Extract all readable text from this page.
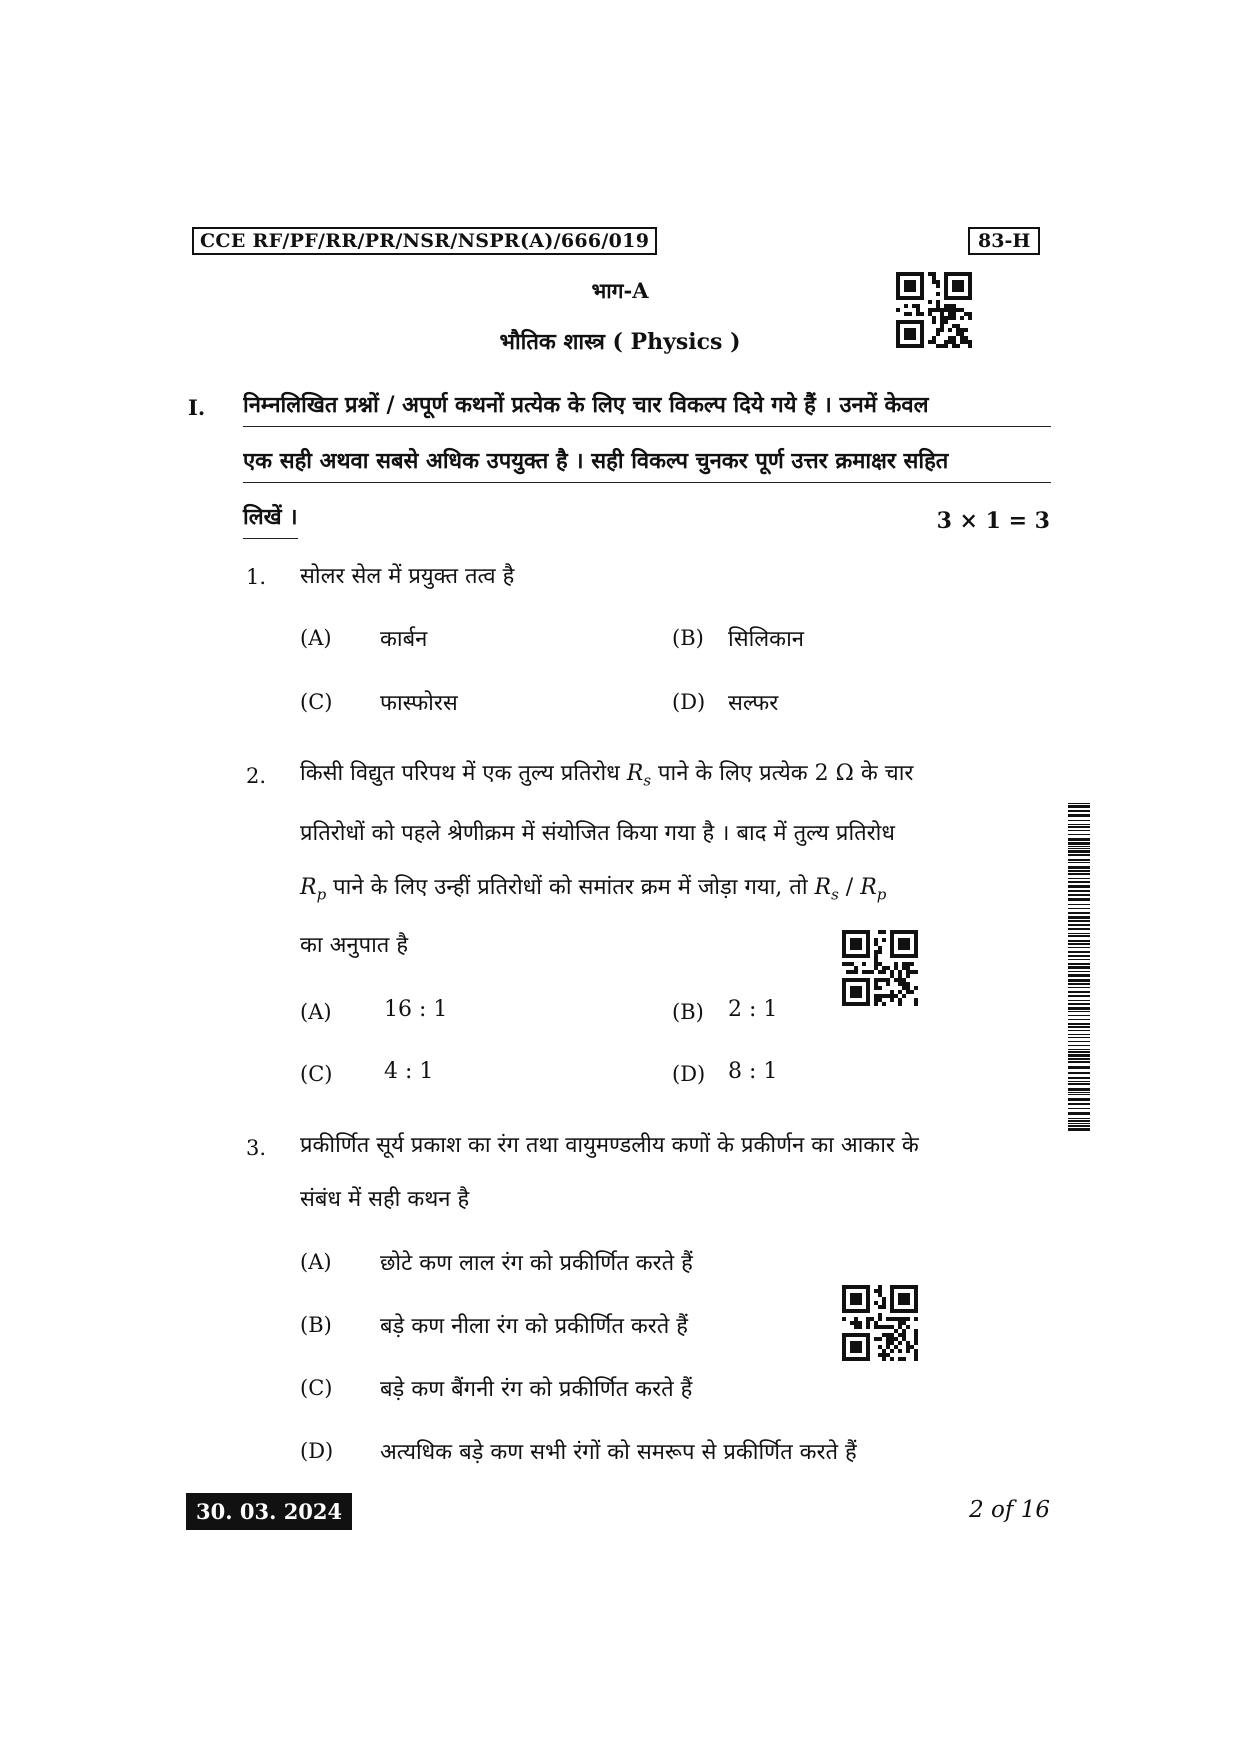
CCE RF/PF/RR/PR/NSR/NSPR(A)/666/019	83-H
भाग-A
भौतिक शास्त्र ( Physics )
I. निम्नलिखित प्रश्नों / अपूर्ण कथनों प्रत्येक के लिए चार विकल्प दिये गये हैं । उनमें केवल
एक सही अथवा सबसे अधिक उपयुक्त है । सही विकल्प चुनकर पूर्ण उत्तर क्रमाक्षर सहित
लिखें ।	3 × 1 = 3
1. सोलर सेल में प्रयुक्त तत्व है
(A) कार्बन	(B) सिलिकान
(C) फास्फोरस	(D) सल्फर
2. किसी विद्युत परिपथ में एक तुल्य प्रतिरोध $R_s$ पाने के लिए प्रत्येक 2 Ω के चार
प्रतिरोधों को पहले श्रेणीक्रम में संयोजित किया गया है । बाद में तुल्य प्रतिरोध
$R_p$ पाने के लिए उन्हीं प्रतिरोधों को समांतर क्रम में जोड़ा गया, तो $R_s / R_p$
का अनुपात है
(A) 16 : 1	(B) 2 : 1
(C) 4 : 1	(D) 8 : 1
3. प्रकीर्णित सूर्य प्रकाश का रंग तथा वायुमण्डलीय कणों के प्रकीर्णन का आकार के
संबंध में सही कथन है
(A) छोटे कण लाल रंग को प्रकीर्णित करते हैं
(B) बड़े कण नीला रंग को प्रकीर्णित करते हैं
(C) बड़े कण बैंगनी रंग को प्रकीर्णित करते हैं
(D) अत्यधिक बड़े कण सभी रंगों को समरूप से प्रकीर्णित करते हैं
30. 03. 2024	2 of 16
